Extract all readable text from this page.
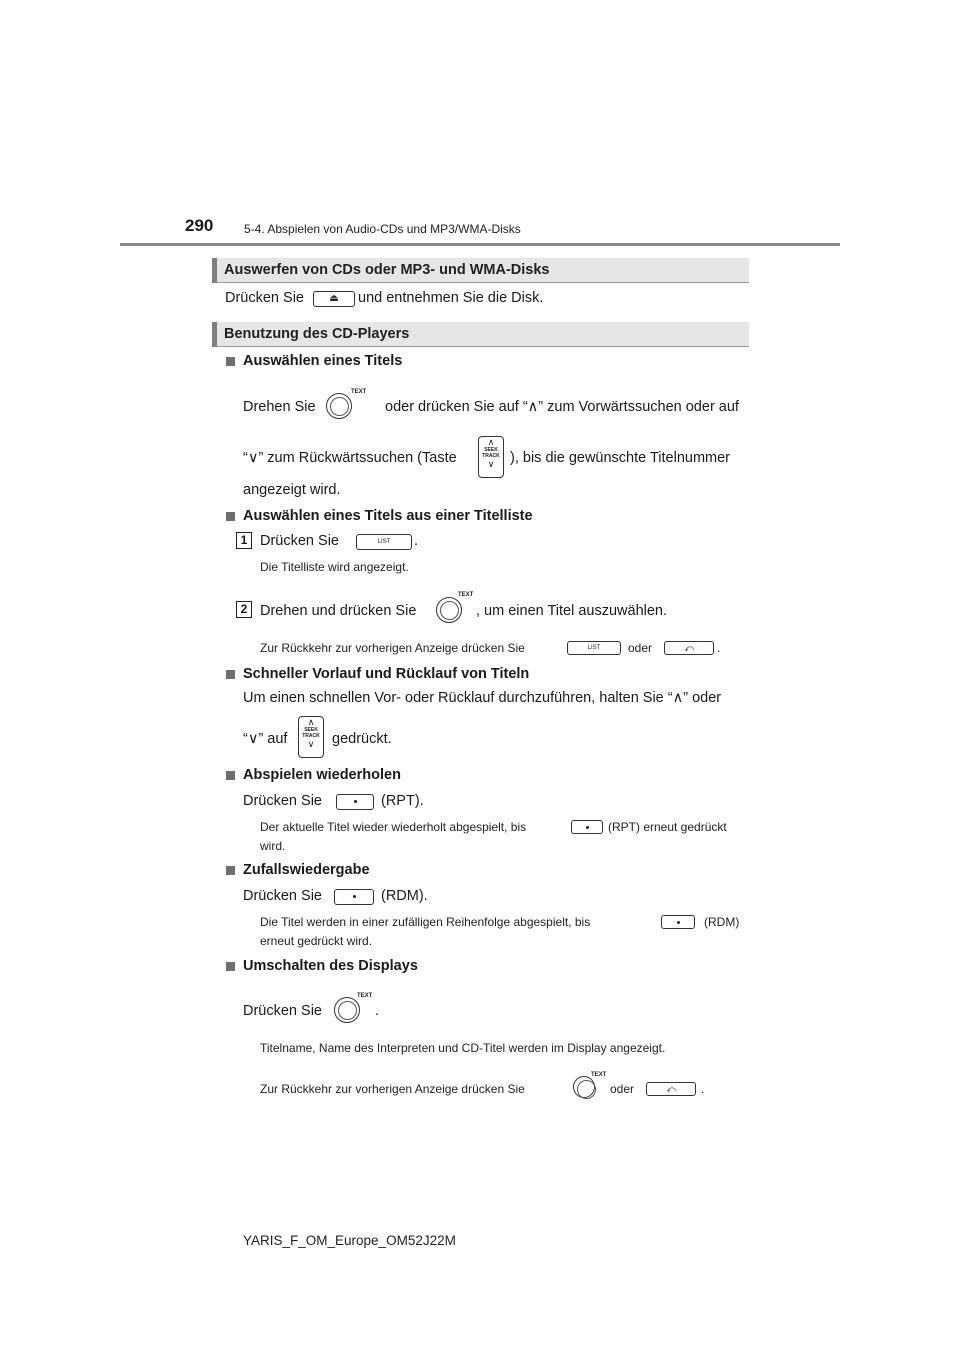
290	5-4. Abspielen von Audio-CDs und MP3/WMA-Disks
Auswerfen von CDs oder MP3- und WMA-Disks
Drücken Sie	⏏	und entnehmen Sie die Disk.
Benutzung des CD-Players
Auswählen eines Titels
Drehen Sie
TEXT
oder drücken Sie auf “∧” zum Vorwärtssuchen oder auf
“∨” zum Rückwärtssuchen (Taste
∧
SEEK
TRACK
∨	), bis die gewünschte Titelnummer
angezeigt wird.
Auswählen eines Titels aus einer Titelliste
1 Drücken Sie	LIST	.
Die Titelliste wird angezeigt.
2 Drehen und drücken Sie
TEXT
, um einen Titel auszuwählen.
Zur Rückkehr zur vorherigen Anzeige drücken Sie	LIST	oder	⤺	.
Schneller Vorlauf und Rücklauf von Titeln
Um einen schnellen Vor- oder Rücklauf durchzuführen, halten Sie “∧” oder
“∨” auf
∧
SEEK
TRACK
∨	gedrückt.
Abspielen wiederholen
Drücken Sie	(RPT).
Der aktuelle Titel wieder wiederholt abgespielt, bis	(RPT) erneut gedrückt
wird.
Zufallswiedergabe
Drücken Sie	(RDM).
Die Titel werden in einer zufälligen Reihenfolge abgespielt, bis	(RDM)
erneut gedrückt wird.
Umschalten des Displays
Drücken Sie
TEXT
.
Titelname, Name des Interpreten und CD-Titel werden im Display angezeigt.
Zur Rückkehr zur vorherigen Anzeige drücken Sie
TEXT
oder	⤺	.
YARIS_F_OM_Europe_OM52J22M
